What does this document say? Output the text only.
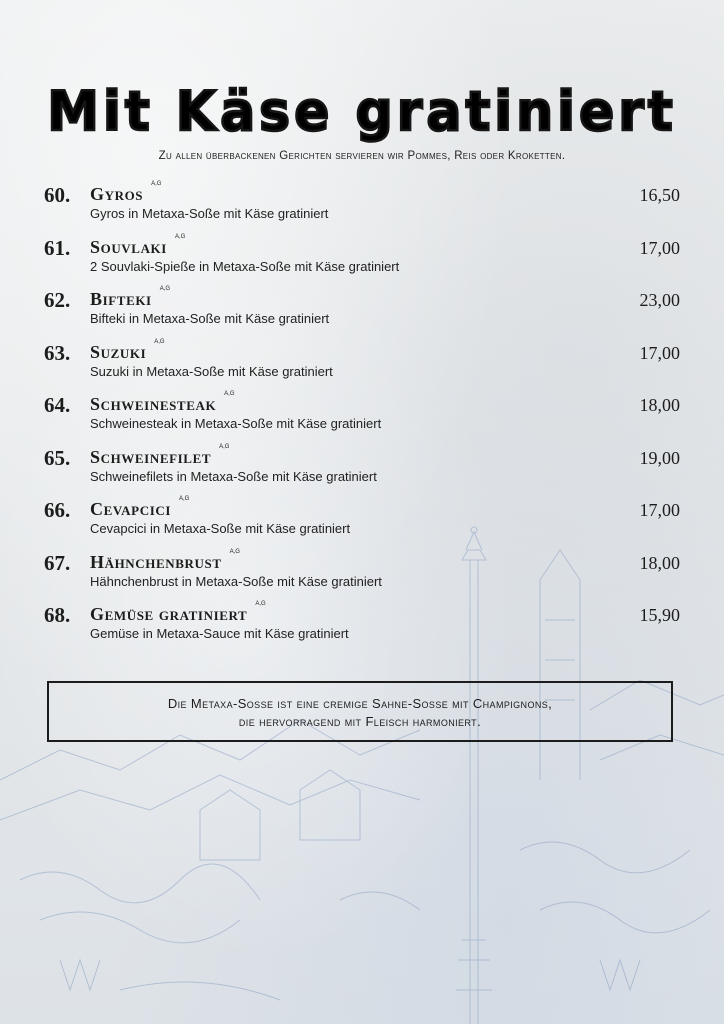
Mit Käse gratiniert
Zu allen überbackenen Gerichten servieren wir Pommes, Reis oder Kroketten.
60. Gyros $^{A,G}$
Gyros in Metaxa-Soße mit Käse gratiniert
16,50
61. Souvlaki $^{A,G}$
2 Souvlaki-Spieße in Metaxa-Soße mit Käse gratiniert
17,00
62. Bifteki $^{A,G}$
Bifteki in Metaxa-Soße mit Käse gratiniert
23,00
63. Suzuki $^{A,G}$
Suzuki in Metaxa-Soße mit Käse gratiniert
17,00
64. Schweinesteak $^{A,G}$
Schweinesteak in Metaxa-Soße mit Käse gratiniert
18,00
65. Schweinefilet $^{A,G}$
Schweinefilets in Metaxa-Soße mit Käse gratiniert
19,00
66. Cevapcici $^{A,G}$
Cevapcici in Metaxa-Soße mit Käse gratiniert
17,00
67. Hähnchenbrust $^{A,G}$
Hähnchenbrust in Metaxa-Soße mit Käse gratiniert
18,00
68. Gemüse gratiniert $^{A,G}$
Gemüse in Metaxa-Sauce mit Käse gratiniert
15,90
Die Metaxa-Sosse ist eine cremige Sahne-Sosse mit Champignons,
die hervorragend mit Fleisch harmoniert.
